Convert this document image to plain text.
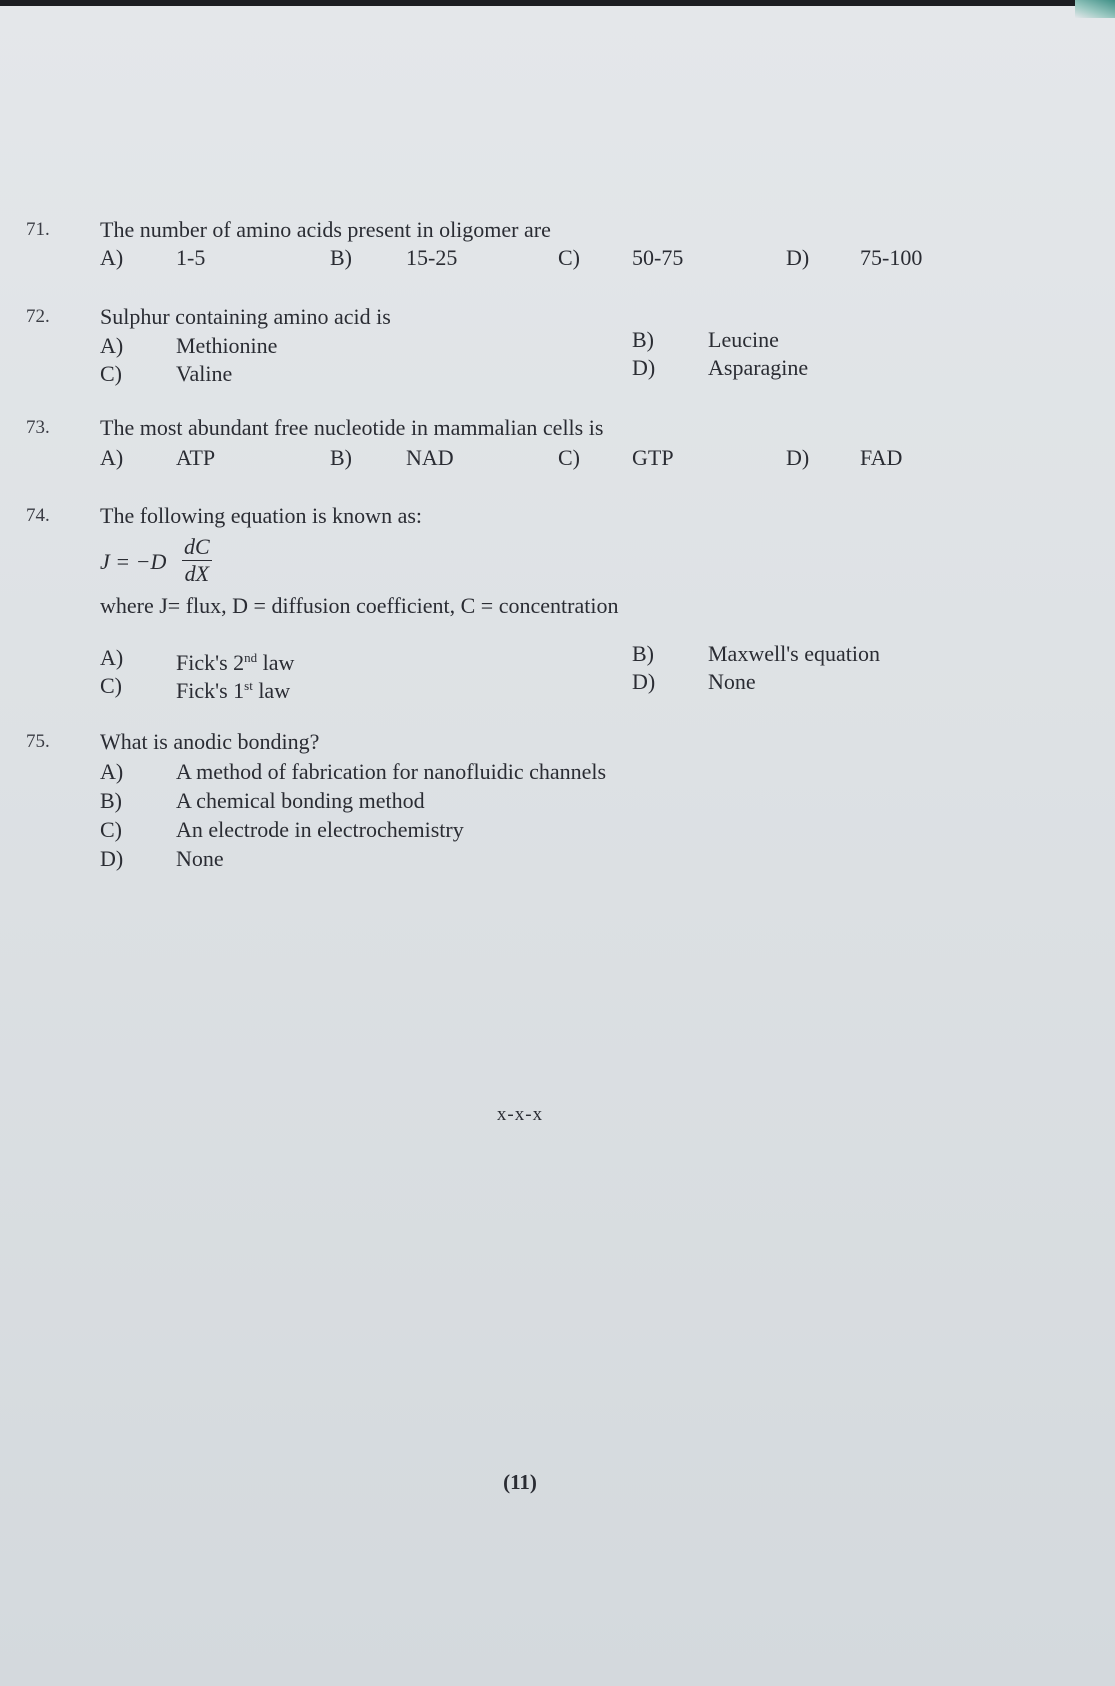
71. The number of amino acids present in oligomer are
A) 1-5	B) 15-25	C) 50-75	D) 75-100
72. Sulphur containing amino acid is
A) Methionine	B) Leucine
C) Valine	D) Asparagine
73. The most abundant free nucleotide in mammalian cells is
A) ATP	B) NAD	C) GTP	D) FAD
74. The following equation is known as:
$J = -D \frac{dC}{dX}$
where J= flux, D = diffusion coefficient, C = concentration
A) Fick's 2nd law	B) Maxwell's equation
C) Fick's 1st law	D) None
75. What is anodic bonding?
A) A method of fabrication for nanofluidic channels
B) A chemical bonding method
C) An electrode in electrochemistry
D) None
x-x-x
(11)
